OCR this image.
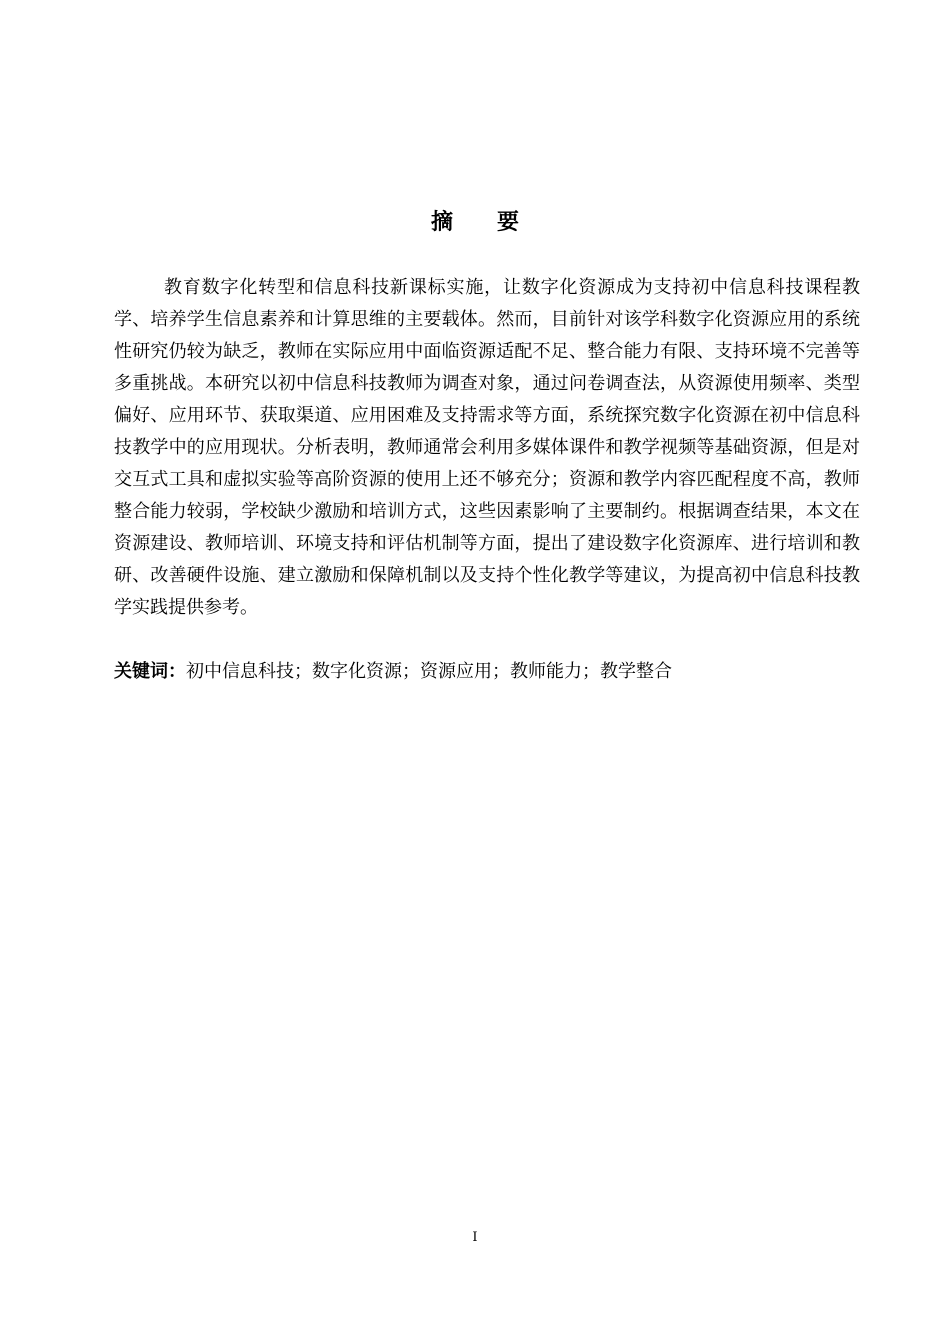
摘要

教育数字化转型和信息科技新课标实施，让数字化资源成为支持初中信息科技课程教学、培养学生信息素养和计算思维的主要载体。然而，目前针对该学科数字化资源应用的系统性研究仍较为缺乏，教师在实际应用中面临资源适配不足、整合能力有限、支持环境不完善等多重挑战。本研究以初中信息科技教师为调查对象，通过问卷调查法，从资源使用频率、类型偏好、应用环节、获取渠道、应用困难及支持需求等方面，系统探究数字化资源在初中信息科技教学中的应用现状。分析表明，教师通常会利用多媒体课件和教学视频等基础资源，但是对交互式工具和虚拟实验等高阶资源的使用上还不够充分；资源和教学内容匹配程度不高，教师整合能力较弱，学校缺少激励和培训方式，这些因素影响了主要制约。根据调查结果，本文在资源建设、教师培训、环境支持和评估机制等方面，提出了建设数字化资源库、进行培训和教研、改善硬件设施、建立激励和保障机制以及支持个性化教学等建议，为提高初中信息科技教学实践提供参考。

关键词：初中信息科技；数字化资源；资源应用；教师能力；教学整合

I
